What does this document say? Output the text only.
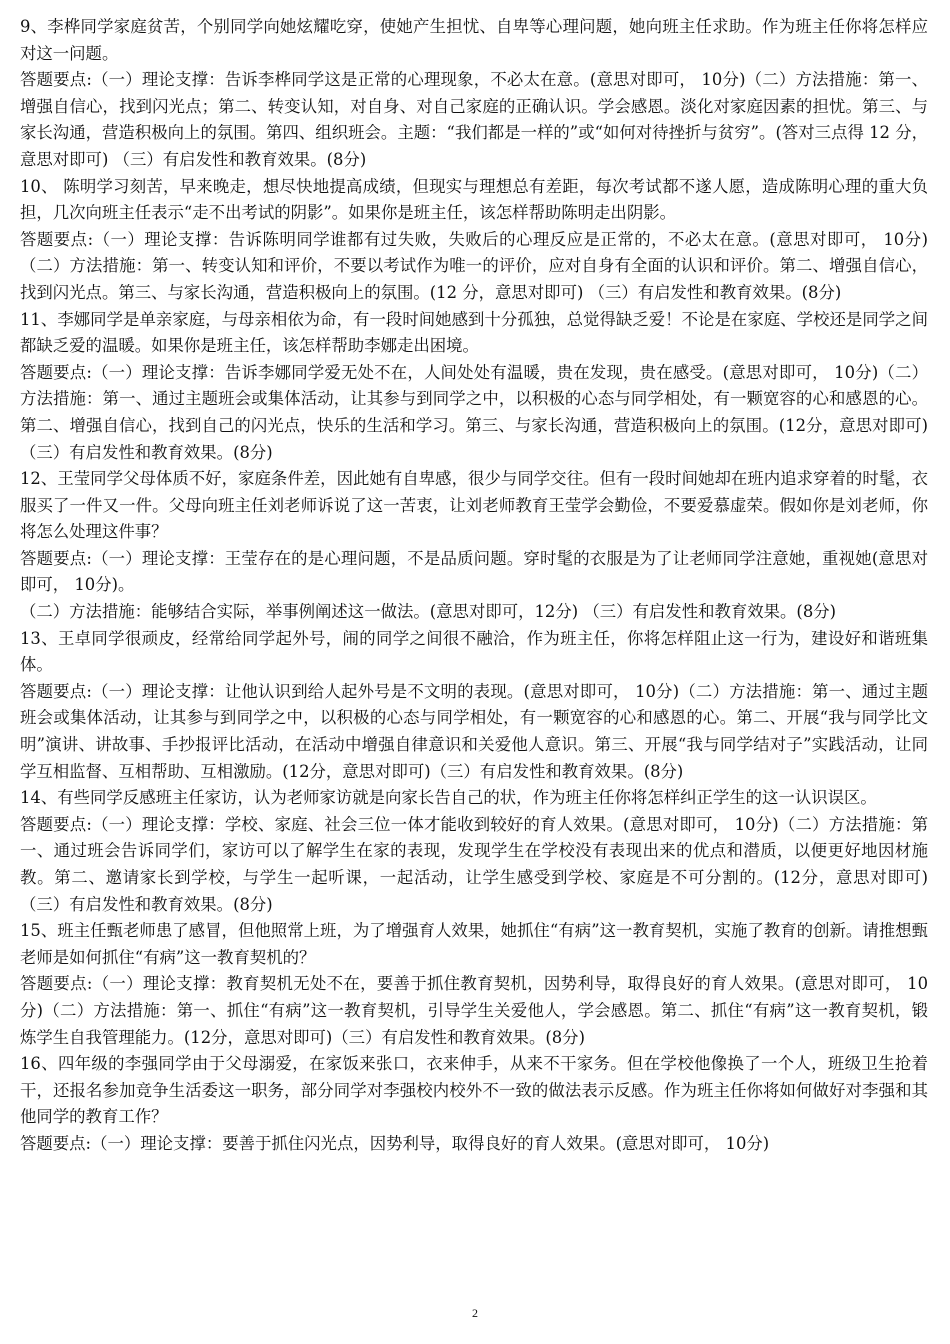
9、李桦同学家庭贫苦，个别同学向她炫耀吃穿，使她产生担忧、自卑等心理问题，她向班主任求助。作为班主任你将怎样应对这一问题。

答题要点:（一）理论支撑：告诉李桦同学这是正常的心理现象，不必太在意。(意思对即可， 10分)（二）方法措施：第一、增强自信心，找到闪光点；第二、转变认知，对自身、对自己家庭的正确认识。学会感恩。淡化对家庭因素的担忧。第三、与家长沟通，营造积极向上的氛围。第四、组织班会。主题：“我们都是一样的”或“如何对待挫折与贫穷”。(答对三点得 12 分，意思对即可) （三）有启发性和教育效果。(8分)

10、 陈明学习刻苦，早来晚走，想尽快地提高成绩，但现实与理想总有差距，每次考试都不遂人愿，造成陈明心理的重大负担，几次向班主任表示“走不出考试的阴影”。如果你是班主任，该怎样帮助陈明走出阴影。

答题要点:（一）理论支撑：告诉陈明同学谁都有过失败，失败后的心理反应是正常的，不必太在意。(意思对即可， 10分)（二）方法措施：第一、转变认知和评价，不要以考试作为唯一的评价，应对自身有全面的认识和评价。第二、增强自信心，找到闪光点。第三、与家长沟通，营造积极向上的氛围。(12 分，意思对即可) （三）有启发性和教育效果。(8分)

11、李娜同学是单亲家庭，与母亲相依为命，有一段时间她感到十分孤独，总觉得缺乏爱！不论是在家庭、学校还是同学之间都缺乏爱的温暖。如果你是班主任，该怎样帮助李娜走出困境。

答题要点:（一）理论支撑：告诉李娜同学爱无处不在，人间处处有温暖，贵在发现，贵在感受。(意思对即可， 10分)（二）方法措施：第一、通过主题班会或集体活动，让其参与到同学之中，以积极的心态与同学相处，有一颗宽容的心和感恩的心。第二、增强自信心，找到自己的闪光点，快乐的生活和学习。第三、与家长沟通，营造积极向上的氛围。(12分，意思对即可) （三）有启发性和教育效果。(8分)

12、王莹同学父母体质不好，家庭条件差，因此她有自卑感，很少与同学交往。但有一段时间她却在班内追求穿着的时髦，衣服买了一件又一件。父母向班主任刘老师诉说了这一苦衷，让刘老师教育王莹学会勤俭，不要爱慕虚荣。假如你是刘老师，你将怎么处理这件事？

答题要点:（一）理论支撑：王莹存在的是心理问题，不是品质问题。穿时髦的衣服是为了让老师同学注意她，重视她(意思对即可， 10分)。

（二）方法措施：能够结合实际，举事例阐述这一做法。(意思对即可，12分) （三）有启发性和教育效果。(8分)

13、王卓同学很顽皮，经常给同学起外号，闹的同学之间很不融洽，作为班主任，你将怎样阻止这一行为，建设好和谐班集体。

答题要点:（一）理论支撑：让他认识到给人起外号是不文明的表现。(意思对即可， 10分)（二）方法措施：第一、通过主题班会或集体活动，让其参与到同学之中，以积极的心态与同学相处，有一颗宽容的心和感恩的心。第二、开展“我与同学比文明”演讲、讲故事、手抄报评比活动，在活动中增强自律意识和关爱他人意识。第三、开展“我与同学结对子”实践活动，让同学互相监督、互相帮助、互相激励。(12分，意思对即可)（三）有启发性和教育效果。(8分)

14、有些同学反感班主任家访，认为老师家访就是向家长告自己的状，作为班主任你将怎样纠正学生的这一认识误区。

答题要点:（一）理论支撑：学校、家庭、社会三位一体才能收到较好的育人效果。(意思对即可， 10分)（二）方法措施：第一、通过班会告诉同学们，家访可以了解学生在家的表现，发现学生在学校没有表现出来的优点和潜质，以便更好地因材施教。第二、邀请家长到学校，与学生一起听课，一起活动，让学生感受到学校、家庭是不可分割的。(12分，意思对即可)（三）有启发性和教育效果。(8分)

15、班主任甄老师患了感冒，但他照常上班，为了增强育人效果，她抓住“有病”这一教育契机，实施了教育的创新。请推想甄老师是如何抓住“有病”这一教育契机的？

答题要点:（一）理论支撑：教育契机无处不在，要善于抓住教育契机，因势利导，取得良好的育人效果。(意思对即可， 10分)（二）方法措施：第一、抓住“有病”这一教育契机，引导学生关爱他人，学会感恩。第二、抓住“有病”这一教育契机，锻炼学生自我管理能力。(12分，意思对即可)（三）有启发性和教育效果。(8分)

16、四年级的李强同学由于父母溺爱，在家饭来张口，衣来伸手，从来不干家务。但在学校他像换了一个人，班级卫生抢着干，还报名参加竞争生活委这一职务，部分同学对李强校内校外不一致的做法表示反感。作为班主任你将如何做好对李强和其他同学的教育工作？

答题要点:（一）理论支撑：要善于抓住闪光点，因势利导，取得良好的育人效果。(意思对即可， 10分)

2
